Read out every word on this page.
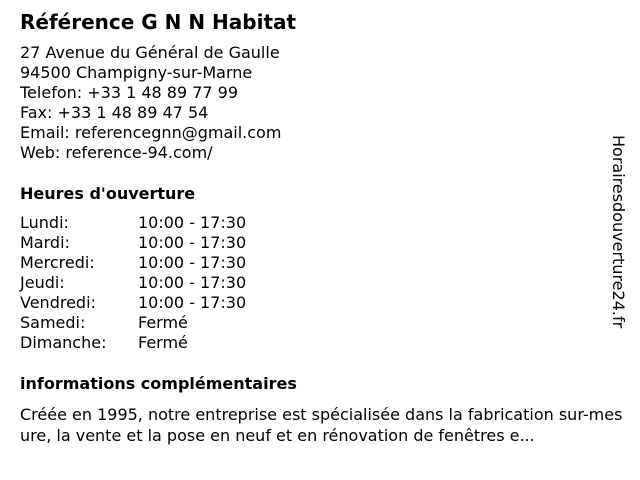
Référence G N N Habitat
27 Avenue du Général de Gaulle
94500 Champigny-sur-Marne
Telefon: +33 1 48 89 77 99
Fax: +33 1 48 89 47 54
Email: referencegnn@gmail.com
Web: reference-94.com/
Heures d'ouverture
Lundi:	10:00 - 17:30
Mardi:	10:00 - 17:30
Mercredi:	10:00 - 17:30
Jeudi:	10:00 - 17:30
Vendredi:	10:00 - 17:30
Samedi:	Fermé
Dimanche:	Fermé
informations complémentaires
Créée en 1995, notre entreprise est spécialisée dans la fabrication sur-mesure, la vente et la pose en neuf et en rénovation de fenêtres e...
Horairesdouverture24.fr
